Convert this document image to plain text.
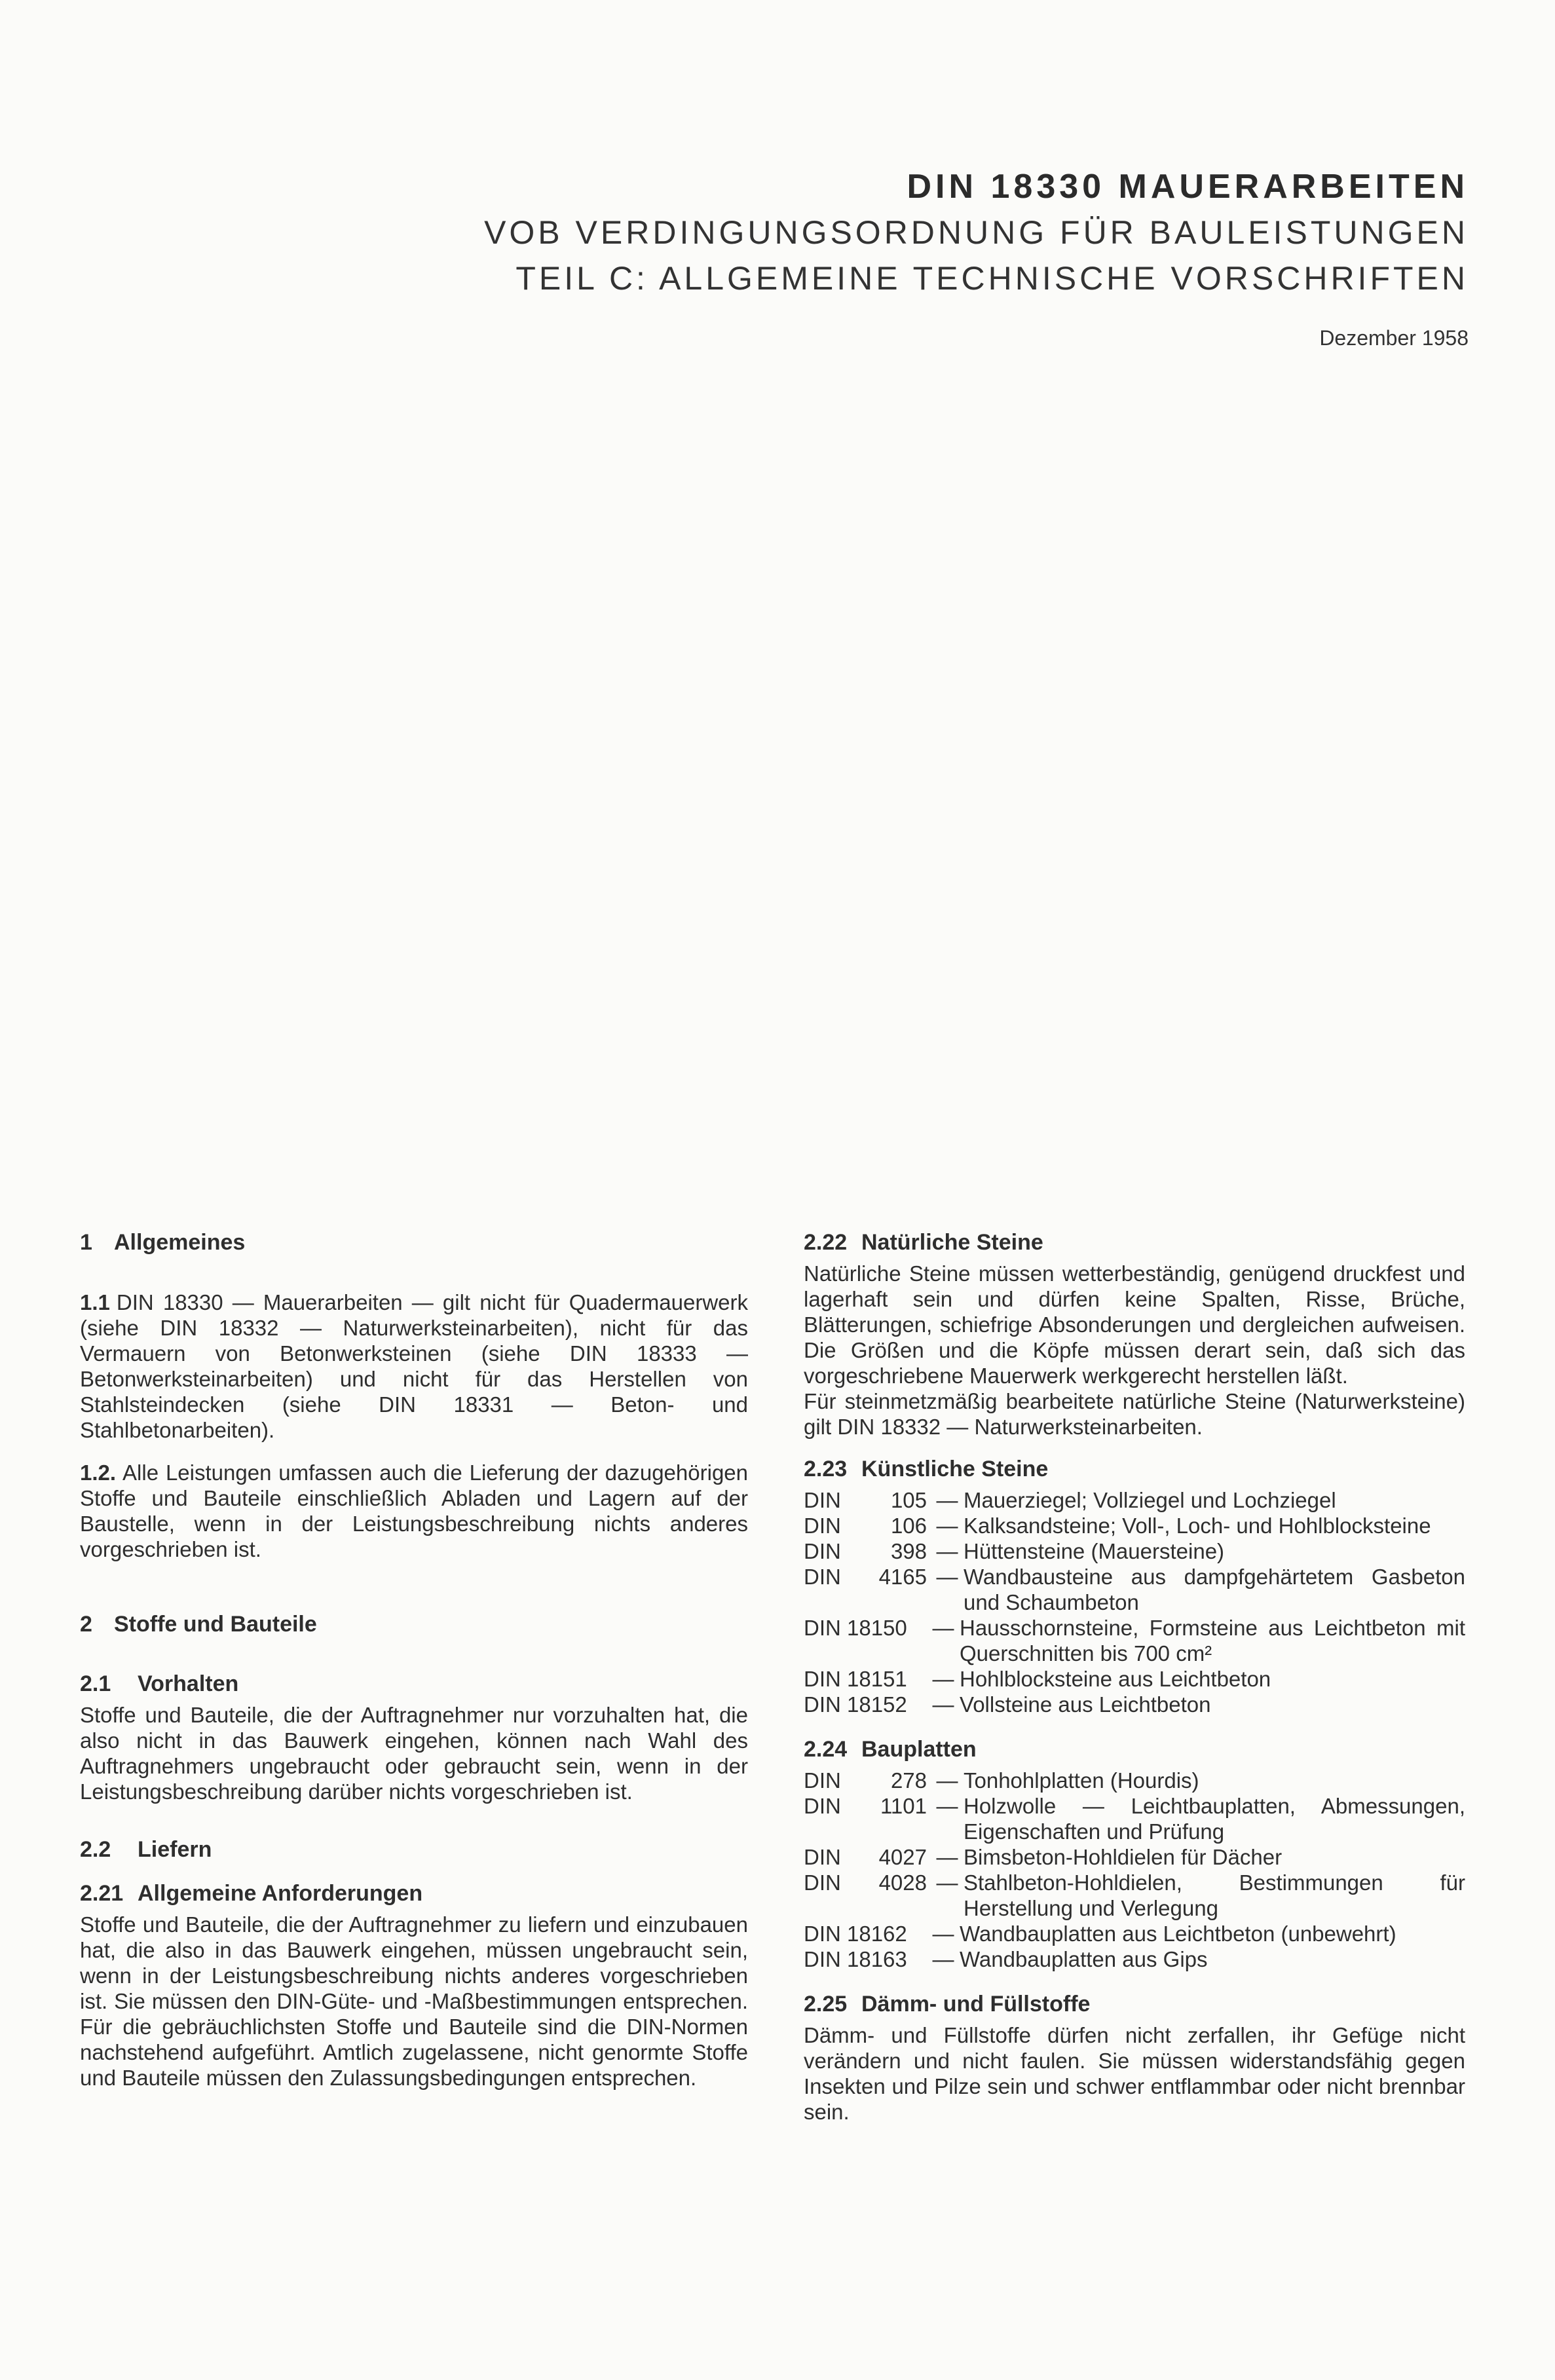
DIN 18330 MAUERARBEITEN
VOB VERDINGUNGSORDNUNG FÜR BAULEISTUNGEN
TEIL C: ALLGEMEINE TECHNISCHE VORSCHRIFTEN
Dezember 1958
1 Allgemeines

1.1 DIN 18330 — Mauerarbeiten — gilt nicht für Quadermauerwerk (siehe DIN 18332 — Naturwerksteinarbeiten), nicht für das Vermauern von Betonwerksteinen (siehe DIN 18333 — Betonwerksteinarbeiten) und nicht für das Herstellen von Stahlsteindecken (siehe DIN 18331 — Beton- und Stahlbetonarbeiten).

1.2. Alle Leistungen umfassen auch die Lieferung der dazugehörigen Stoffe und Bauteile einschließlich Abladen und Lagern auf der Baustelle, wenn in der Leistungsbeschreibung nichts anderes vorgeschrieben ist.

2 Stoffe und Bauteile
2.1 Vorhalten

Stoffe und Bauteile, die der Auftragnehmer nur vorzuhalten hat, die also nicht in das Bauwerk eingehen, können nach Wahl des Auftragnehmers ungebraucht oder gebraucht sein, wenn in der Leistungsbeschreibung darüber nichts vorgeschrieben ist.

2.2 Liefern
2.21 Allgemeine Anforderungen

Stoffe und Bauteile, die der Auftragnehmer zu liefern und einzubauen hat, die also in das Bauwerk eingehen, müssen ungebraucht sein, wenn in der Leistungsbeschreibung nichts anderes vorgeschrieben ist. Sie müssen den DIN-Güte- und -Maßbestimmungen entsprechen. Für die gebräuchlichsten Stoffe und Bauteile sind die DIN-Normen nachstehend aufgeführt. Amtlich zugelassene, nicht genormte Stoffe und Bauteile müssen den Zulassungsbedingungen entsprechen.

2.22 Natürliche Steine

Natürliche Steine müssen wetterbeständig, genügend druckfest und lagerhaft sein und dürfen keine Spalten, Risse, Brüche, Blätterungen, schiefrige Absonderungen und dergleichen aufweisen. Die Größen und die Köpfe müssen derart sein, daß sich das vorgeschriebene Mauerwerk werkgerecht herstellen läßt.

Für steinmetzmäßig bearbeitete natürliche Steine (Naturwerksteine) gilt DIN 18332 — Naturwerksteinarbeiten.

2.23 Künstliche Steine
DIN	105 — Mauerziegel; Vollziegel und Lochziegel
DIN	106 — Kalksandsteine; Voll-, Loch- und Hohlblocksteine
DIN	398 — Hüttensteine (Mauersteine)
DIN	4165 — Wandbausteine aus dampfgehärtetem Gasbeton und Schaumbeton
DIN 18150	— Hausschornsteine, Formsteine aus Leichtbeton mit Querschnitten bis 700 cm²
DIN 18151	— Hohlblocksteine aus Leichtbeton
DIN 18152	— Vollsteine aus Leichtbeton
2.24 Bauplatten
DIN	278 — Tonhohlplatten (Hourdis)
DIN	1101 — Holzwolle — Leichtbauplatten, Abmessungen, Eigenschaften und Prüfung
DIN	4027 — Bimsbeton-Hohldielen für Dächer
DIN	4028 — Stahlbeton-Hohldielen, Bestimmungen für Herstellung und Verlegung
DIN 18162	— Wandbauplatten aus Leichtbeton (unbewehrt)
DIN 18163	— Wandbauplatten aus Gips
2.25 Dämm- und Füllstoffe

Dämm- und Füllstoffe dürfen nicht zerfallen, ihr Gefüge nicht verändern und nicht faulen. Sie müssen widerstandsfähig gegen Insekten und Pilze sein und schwer entflammbar oder nicht brennbar sein.
